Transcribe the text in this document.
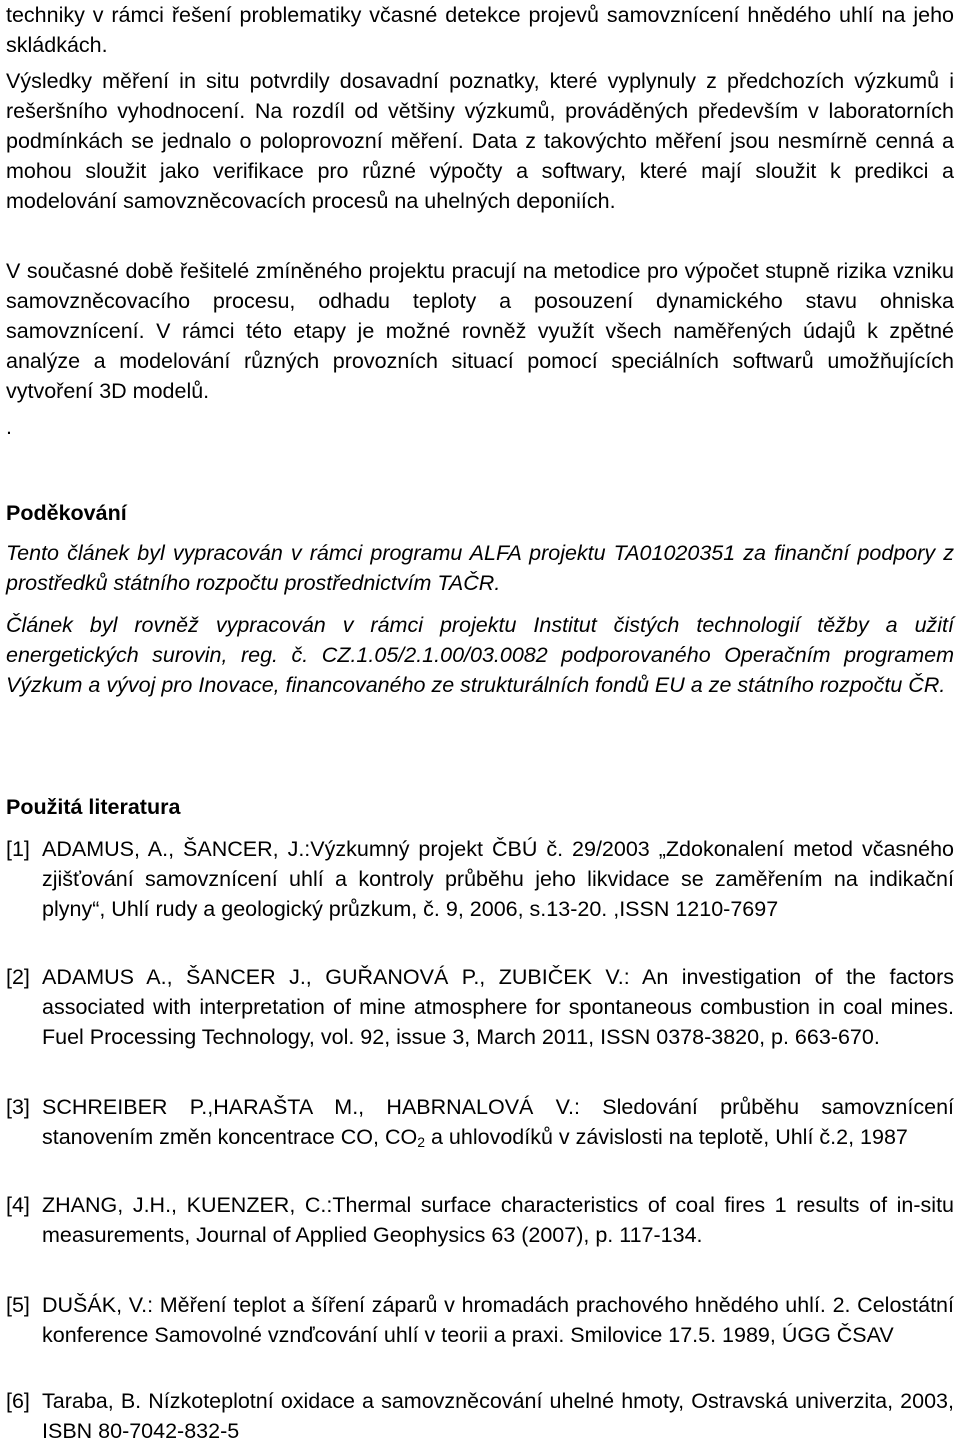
techniky v rámci řešení problematiky včasné detekce projevů samovznícení hnědého uhlí na jeho skládkách.

Výsledky měření in situ potvrdily dosavadní poznatky, které vyplynuly z předchozích výzkumů i rešeršního vyhodnocení. Na rozdíl od většiny výzkumů, prováděných především v laboratorních podmínkách se jednalo o poloprovozní měření. Data z takovýchto měření jsou nesmírně cenná a mohou sloužit jako verifikace pro různé výpočty a softwary, které mají sloužit k predikci a modelování samovzněcovacích procesů na uhelných deponiích.

V současné době řešitelé zmíněného projektu pracují na metodice pro výpočet stupně rizika vzniku samovzněcovacího procesu, odhadu teploty a posouzení dynamického stavu ohniska samovznícení. V rámci této etapy je možné rovněž využít všech naměřených údajů k zpětné analýze a modelování různých provozních situací pomocí speciálních softwarů umožňujících vytvoření 3D modelů.

.

Poděkování

Tento článek byl vypracován v rámci programu ALFA projektu TA01020351 za finanční podpory z prostředků státního rozpočtu prostřednictvím TAČR.

Článek byl rovněž vypracován v rámci projektu Institut čistých technologií těžby a užití energetických surovin, reg. č. CZ.1.05/2.1.00/03.0082 podporovaného Operačním programem Výzkum a vývoj pro Inovace, financovaného ze strukturálních fondů EU a ze státního rozpočtu ČR.

Použitá literatura
[1] ADAMUS, A., ŠANCER, J.:Výzkumný projekt ČBÚ č. 29/2003 „Zdokonalení metod včasného zjišťování samovznícení uhlí a kontroly průběhu jeho likvidace se zaměřením na indikační plyny“, Uhlí rudy a geologický průzkum, č. 9, 2006, s.13-20. ,ISSN 1210-7697
[2] ADAMUS A., ŠANCER J., GUŘANOVÁ P., ZUBIČEK V.: An investigation of the factors associated with interpretation of mine atmosphere for spontaneous combustion in coal mines. Fuel Processing Technology, vol. 92, issue 3, March 2011, ISSN 0378-3820, p. 663-670.
[3] SCHREIBER P.,HARAŠTA M., HABRNALOVÁ V.: Sledování průběhu samovznícení stanovením změn koncentrace CO, $CO_2$ a uhlovodíků v závislosti na teplotě, Uhlí č.2, 1987
[4] ZHANG, J.H., KUENZER, C.:Thermal surface characteristics of coal fires 1 results of in-situ measurements, Journal of Applied Geophysics 63 (2007), p. 117-134.
[5] DUŠÁK, V.: Měření teplot a šíření záparů v hromadách prachového hnědého uhlí. 2. Celostátní konference Samovolné vznďcování uhlí v teorii a praxi. Smilovice 17.5. 1989, ÚGG ČSAV
[6] Taraba, B. Nízkoteplotní oxidace a samovzněcování uhelné hmoty, Ostravská univerzita, 2003, ISBN 80-7042-832-5
